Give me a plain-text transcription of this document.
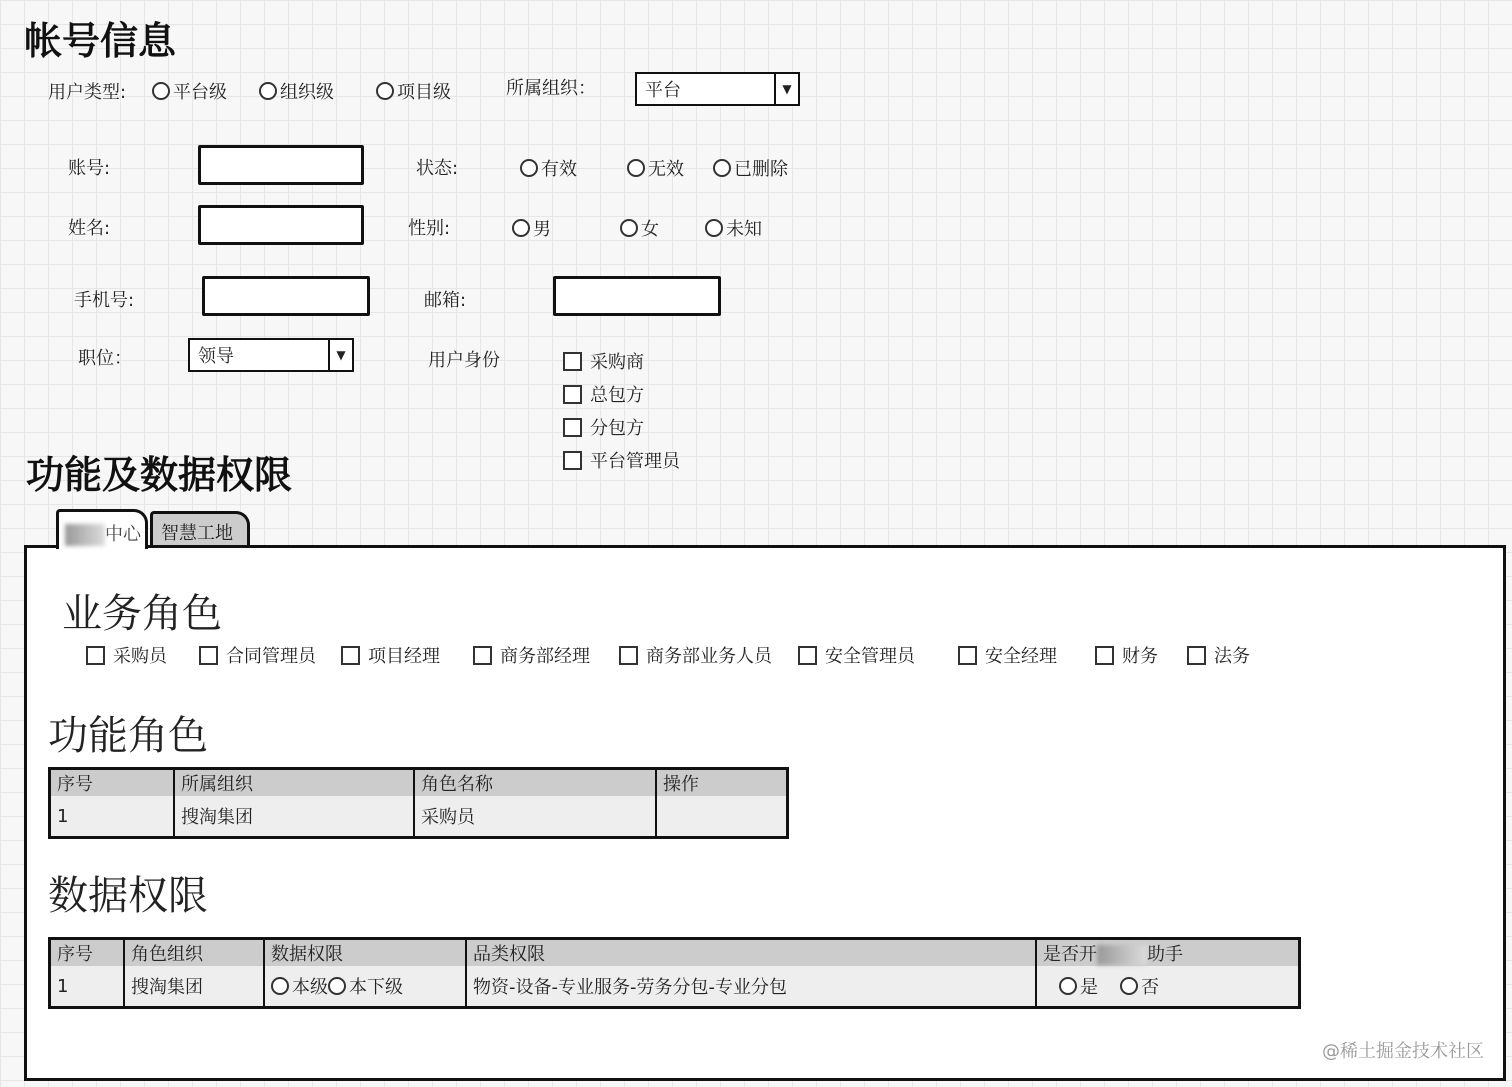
帐号信息
用户类型:	平台级	组织级	项目级	所属组织：	平台	▼
账号:	状态:	有效	无效	已删除
姓名:	性别:	男	女	未知
手机号:	邮箱:
职位：	领导	▼	用户身份	采购商
总包方
分包方
平台管理员
功能及数据权限
中心	智慧工地
业务角色
采购员	合同管理员	项目经理	商务部经理	商务部业务人员	安全管理员	安全经理	财务	法务
功能角色
序号	所属组织	角色名称	操作
1	搜淘集团	采购员	
数据权限
序号	角色组织	数据权限	品类权限	是否开 助手
1	搜淘集团	本级 本下级	物资-设备-专业服务-劳务分包-专业分包	是 否
@稀土掘金技术社区
